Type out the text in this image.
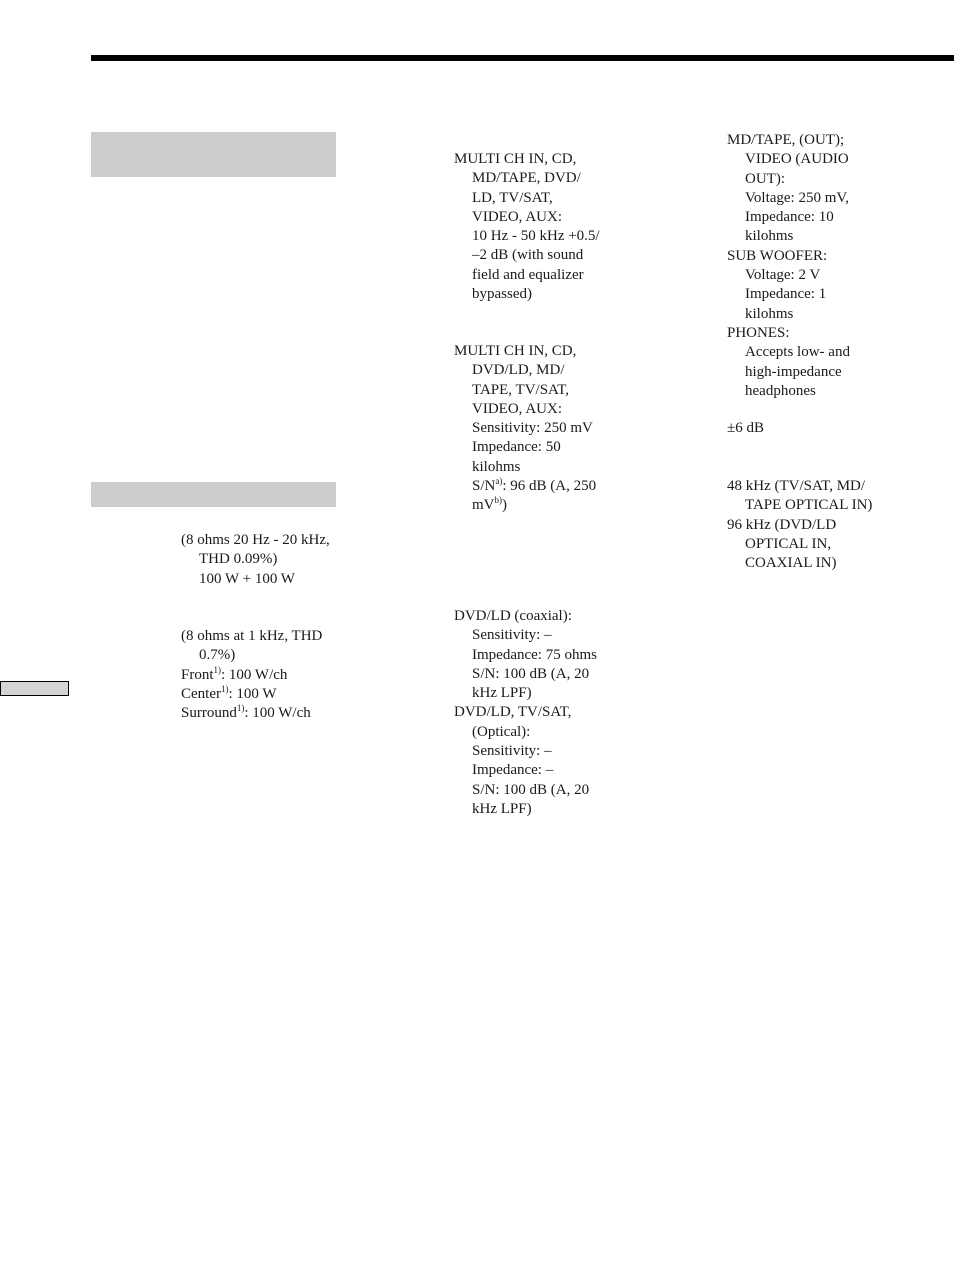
(8 ohms 20 Hz - 20 kHz,

THD 0.09%)

100 W + 100 W

(8 ohms at 1 kHz, THD

0.7%)

Front$^{1)}$: 100 W/ch

Center$^{1)}$: 100 W

Surround$^{1)}$: 100 W/ch

MULTI CH IN, CD,

MD/TAPE, DVD/

LD, TV/SAT,

VIDEO, AUX:

10 Hz - 50 kHz +0.5/

–2 dB (with sound

field and equalizer

bypassed)

MULTI CH IN, CD,

DVD/LD, MD/

TAPE, TV/SAT,

VIDEO, AUX:

Sensitivity: 250 mV

Impedance: 50

kilohms

$S/N^{a)}$: 96 dB (A, 250

$mV^{b)}$)

DVD/LD (coaxial):

Sensitivity: –

Impedance: 75 ohms

S/N: 100 dB (A, 20

kHz LPF)

DVD/LD, TV/SAT,

(Optical):

Sensitivity: –

Impedance: –

S/N: 100 dB (A, 20

kHz LPF)

MD/TAPE, (OUT);

VIDEO (AUDIO

OUT):

Voltage: 250 mV,

Impedance: 10

kilohms

SUB WOOFER:

Voltage: 2 V

Impedance: 1

kilohms

PHONES:

Accepts low- and

high-impedance

headphones

±6 dB

48 kHz (TV/SAT, MD/

TAPE OPTICAL IN)

96 kHz (DVD/LD

OPTICAL IN,

COAXIAL IN)
